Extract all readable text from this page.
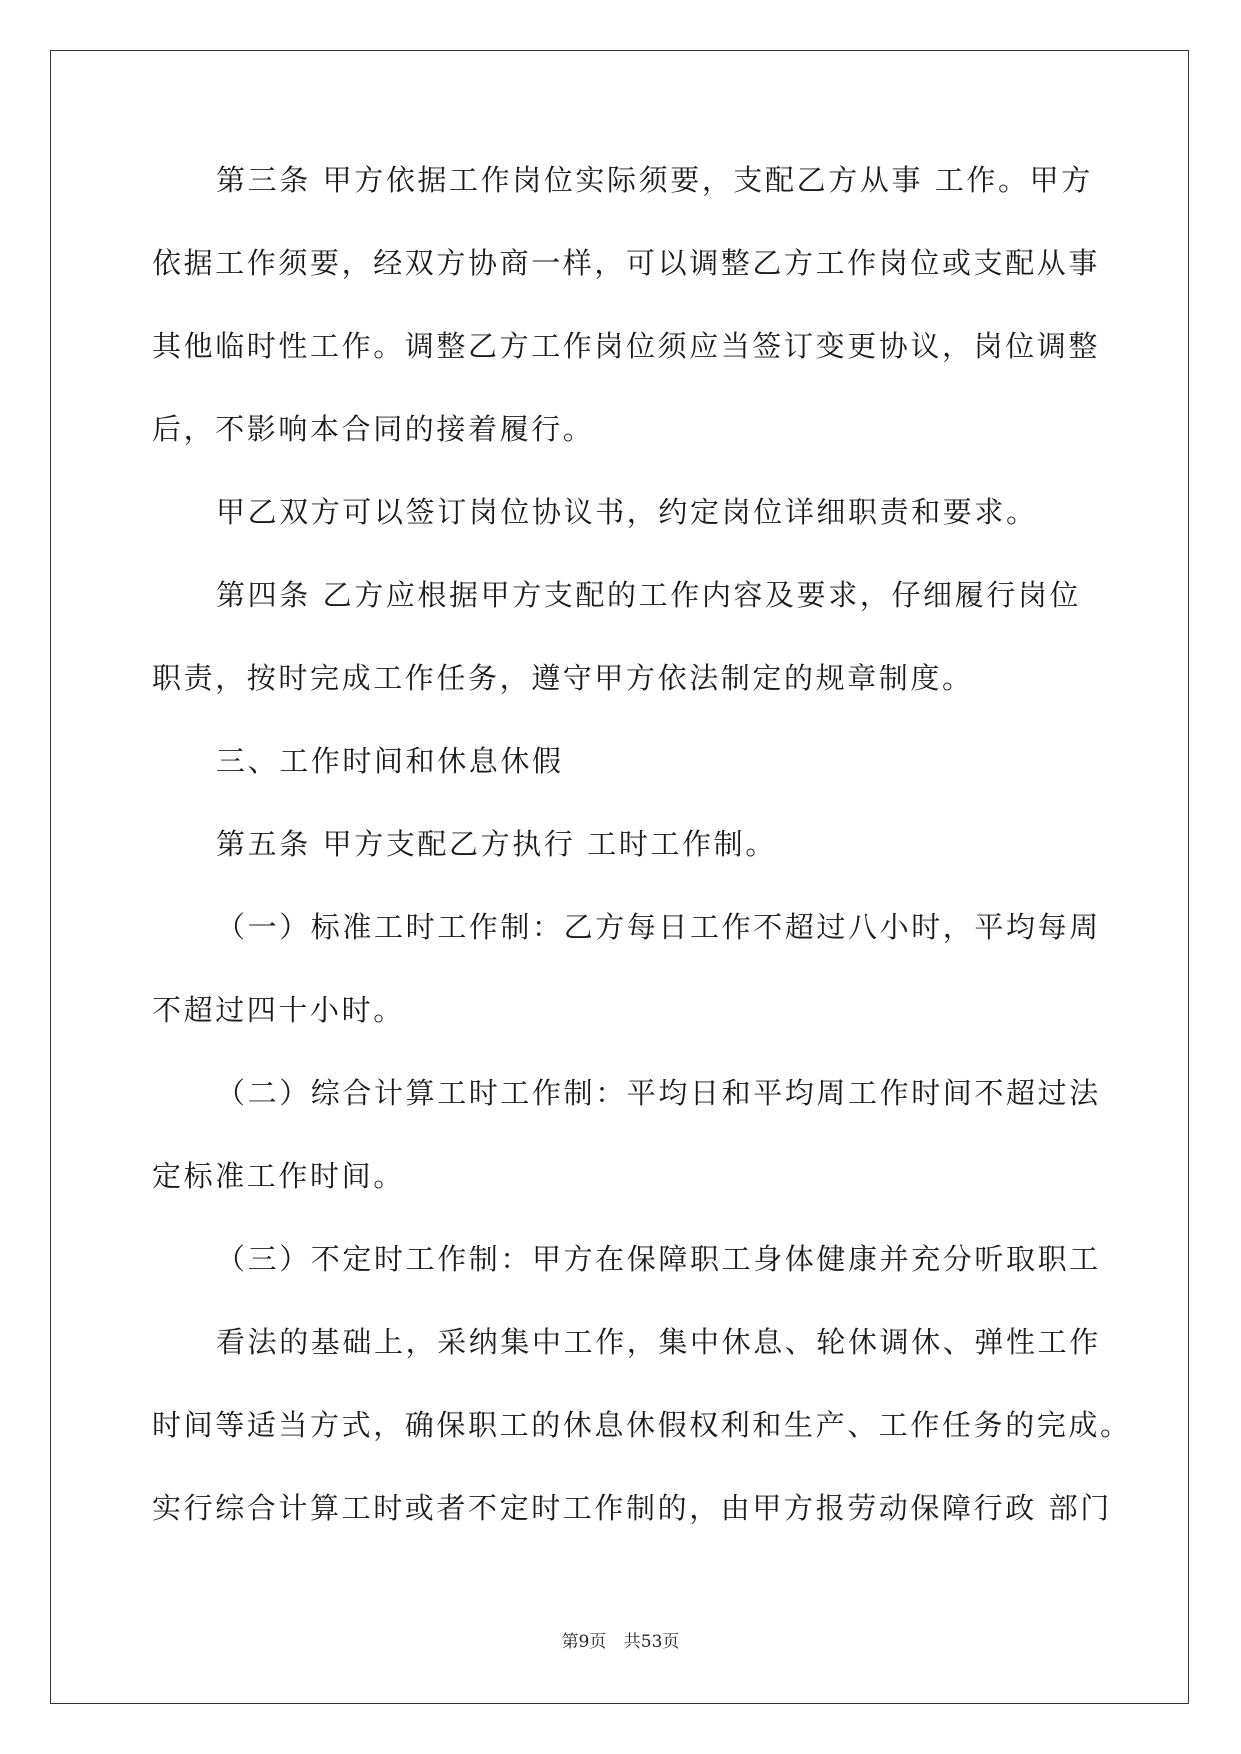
第三条 甲方依据工作岗位实际须要，支配乙方从事 工作。甲方
依据工作须要，经双方协商一样，可以调整乙方工作岗位或支配从事
其他临时性工作。调整乙方工作岗位须应当签订变更协议，岗位调整
后，不影响本合同的接着履行。
甲乙双方可以签订岗位协议书，约定岗位详细职责和要求。
第四条 乙方应根据甲方支配的工作内容及要求，仔细履行岗位
职责，按时完成工作任务，遵守甲方依法制定的规章制度。
三、工作时间和休息休假
第五条 甲方支配乙方执行 工时工作制。
（一）标准工时工作制：乙方每日工作不超过八小时，平均每周
不超过四十小时。
（二）综合计算工时工作制：平均日和平均周工作时间不超过法
定标准工作时间。
（三）不定时工作制：甲方在保障职工身体健康并充分听取职工
看法的基础上，采纳集中工作，集中休息、轮休调休、弹性工作
时间等适当方式，确保职工的休息休假权利和生产、工作任务的完成。
实行综合计算工时或者不定时工作制的，由甲方报劳动保障行政 部门
第9页 共53页
